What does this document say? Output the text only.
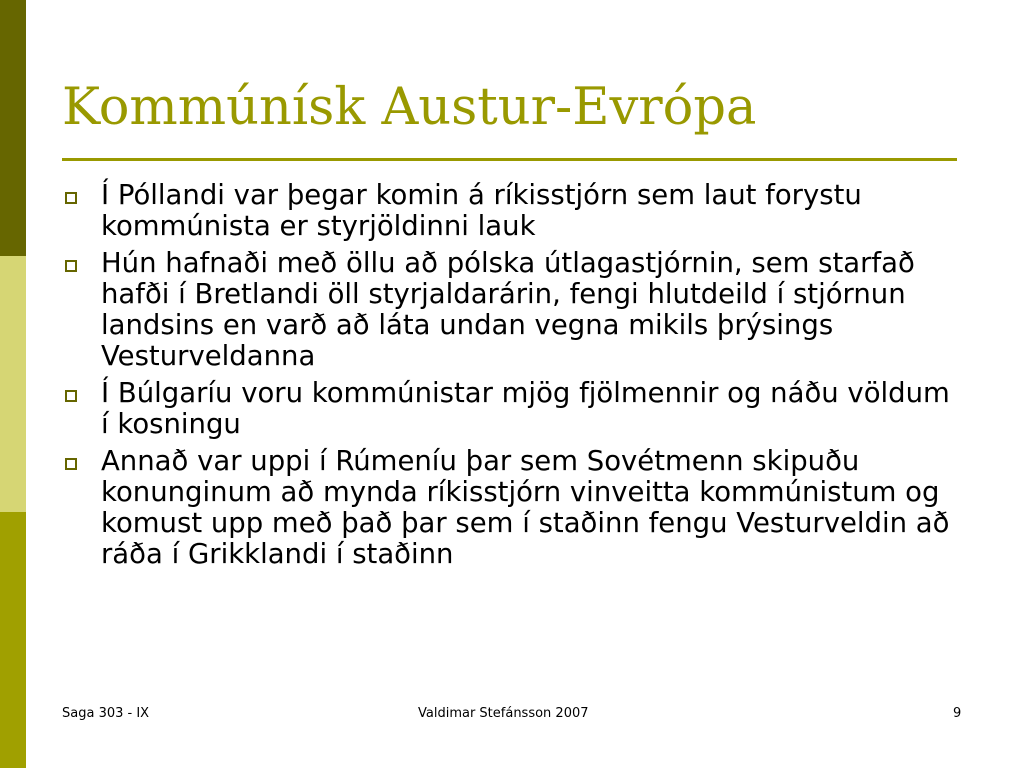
Kommúnísk Austur-Evrópa
Í Póllandi var þegar komin á ríkisstjórn sem laut forystu kommúnista er styrjöldinni lauk
Hún hafnaði með öllu að pólska útlagastjórnin, sem starfað hafði í Bretlandi öll styrjaldarárin, fengi hlutdeild í stjórnun landsins en varð að láta undan vegna mikils þrýsings Vesturveldanna
Í Búlgaríu voru kommúnistar mjög fjölmennir og náðu völdum í kosningu
Annað var uppi í Rúmeníu þar sem Sovétmenn skipuðu konunginum að mynda ríkisstjórn vinveitta kommúnistum og komust upp með það þar sem í staðinn fengu Vesturveldin að ráða í Grikklandi í staðinn
Saga 303 - IX	Valdimar Stefánsson 2007	9
